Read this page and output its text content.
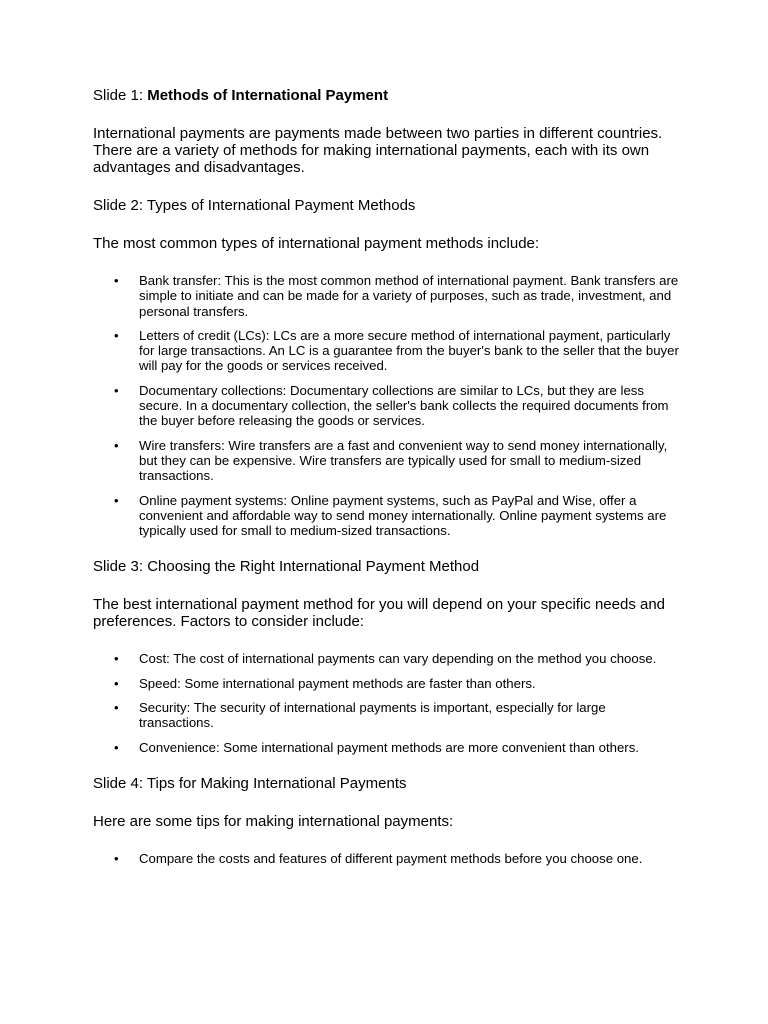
Slide 1: Methods of International Payment

International payments are payments made between two parties in different countries. There are a variety of methods for making international payments, each with its own advantages and disadvantages.

Slide 2: Types of International Payment Methods

The most common types of international payment methods include:

• Bank transfer: This is the most common method of international payment. Bank transfers are simple to initiate and can be made for a variety of purposes, such as trade, investment, and personal transfers.
• Letters of credit (LCs): LCs are a more secure method of international payment, particularly for large transactions. An LC is a guarantee from the buyer's bank to the seller that the buyer will pay for the goods or services received.
• Documentary collections: Documentary collections are similar to LCs, but they are less secure. In a documentary collection, the seller's bank collects the required documents from the buyer before releasing the goods or services.
• Wire transfers: Wire transfers are a fast and convenient way to send money internationally, but they can be expensive. Wire transfers are typically used for small to medium-sized transactions.
• Online payment systems: Online payment systems, such as PayPal and Wise, offer a convenient and affordable way to send money internationally. Online payment systems are typically used for small to medium-sized transactions.

Slide 3: Choosing the Right International Payment Method

The best international payment method for you will depend on your specific needs and preferences. Factors to consider include:

• Cost: The cost of international payments can vary depending on the method you choose.
• Speed: Some international payment methods are faster than others.
• Security: The security of international payments is important, especially for large transactions.
• Convenience: Some international payment methods are more convenient than others.

Slide 4: Tips for Making International Payments

Here are some tips for making international payments:

• Compare the costs and features of different payment methods before you choose one.
